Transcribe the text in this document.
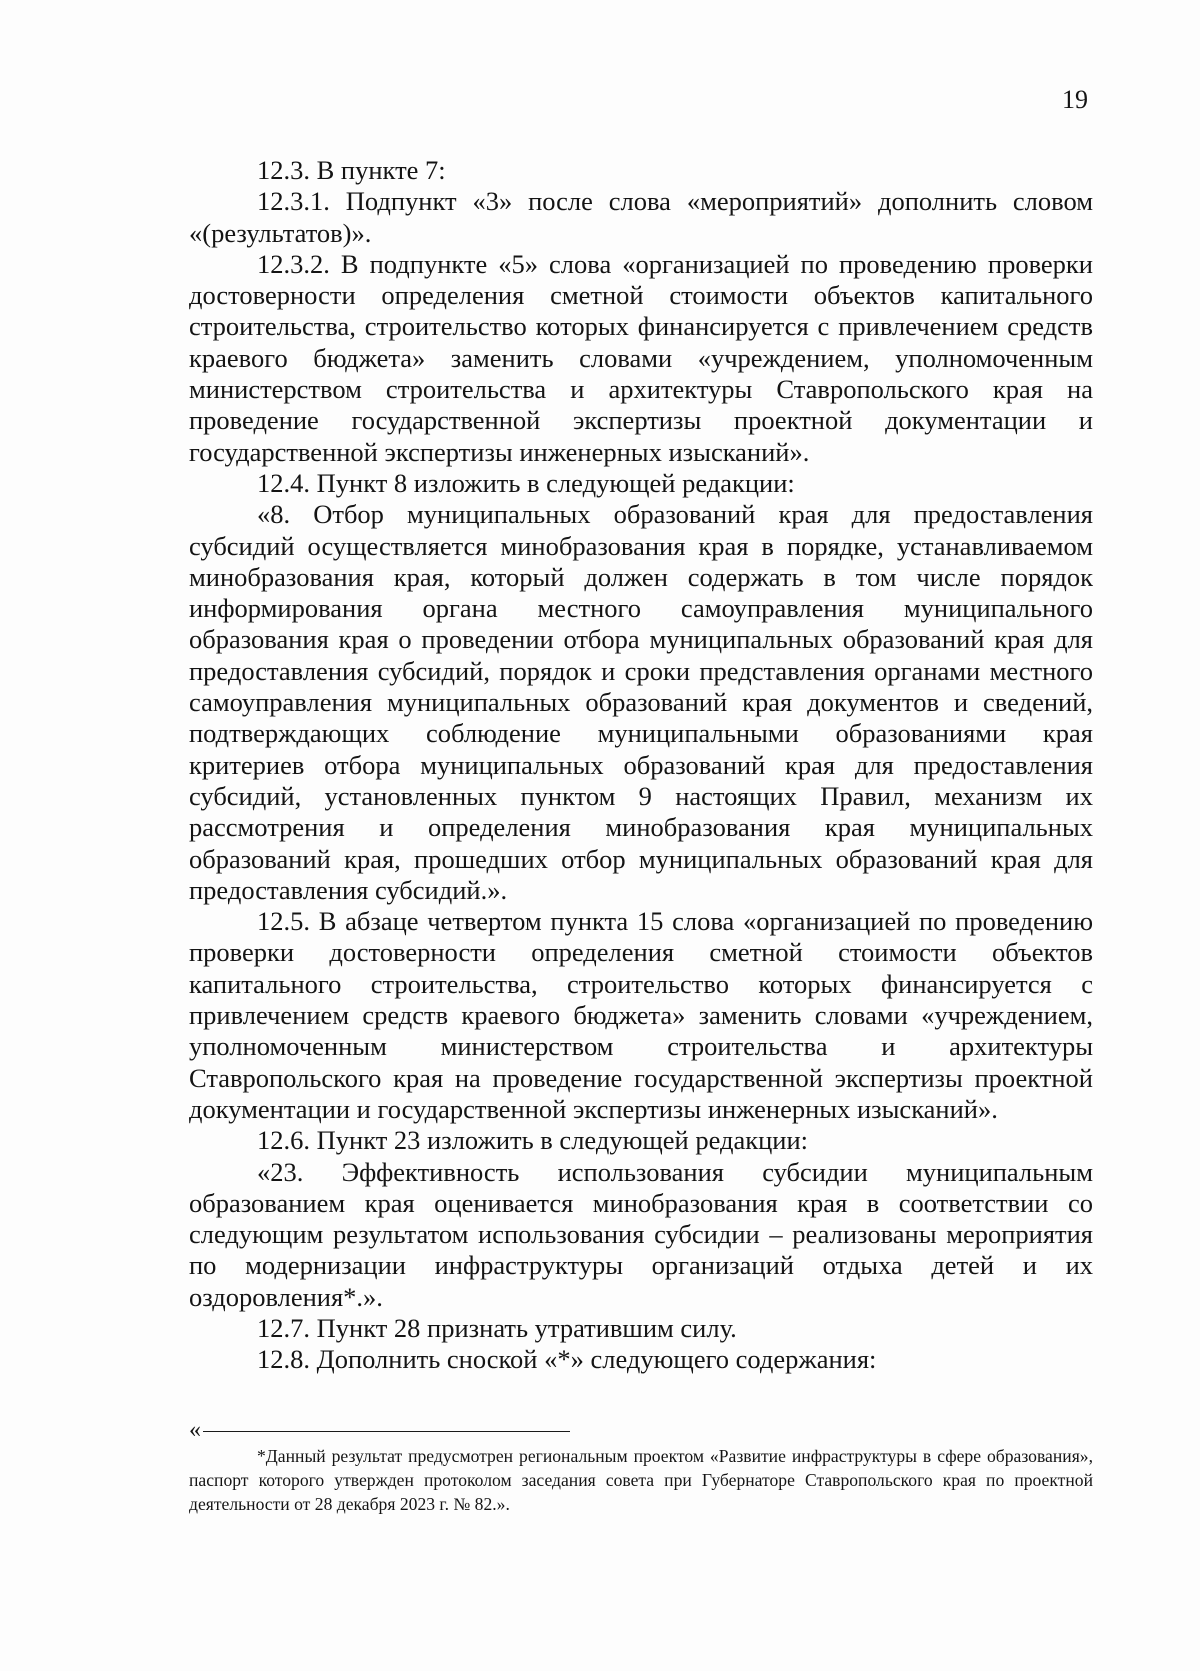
19

12.3. В пункте 7:

12.3.1. Подпункт «3» после слова «мероприятий» дополнить словом «(результатов)».

12.3.2. В подпункте «5» слова «организацией по проведению проверки достоверности определения сметной стоимости объектов капитального строительства, строительство которых финансируется с привлечением средств краевого бюджета» заменить словами «учреждением, уполномоченным министерством строительства и архитектуры Ставропольского края на проведение государственной экспертизы проектной документации и государственной экспертизы инженерных изысканий».

12.4. Пункт 8 изложить в следующей редакции:

«8. Отбор муниципальных образований края для предоставления субсидий осуществляется минобразования края в порядке, устанавливаемом минобразования края, который должен содержать в том числе порядок информирования органа местного самоуправления муниципального образования края о проведении отбора муниципальных образований края для предоставления субсидий, порядок и сроки представления органами местного самоуправления муниципальных образований края документов и сведений, подтверждающих соблюдение муниципальными образованиями края критериев отбора муниципальных образований края для предоставления субсидий, установленных пунктом 9 настоящих Правил, механизм их рассмотрения и определения минобразования края муниципальных образований края, прошедших отбор муниципальных образований края для предоставления субсидий.».

12.5. В абзаце четвертом пункта 15 слова «организацией по проведению проверки достоверности определения сметной стоимости объектов капитального строительства, строительство которых финансируется с привлечением средств краевого бюджета» заменить словами «учреждением, уполномоченным министерством строительства и архитектуры Ставропольского края на проведение государственной экспертизы проектной документации и государственной экспертизы инженерных изысканий».

12.6. Пункт 23 изложить в следующей редакции:

«23. Эффективность использования субсидии муниципальным образованием края оценивается минобразования края в соответствии со следующим результатом использования субсидии – реализованы мероприятия по модернизации инфраструктуры организаций отдыха детей и их оздоровления*.».

12.7. Пункт 28 признать утратившим силу.

12.8. Дополнить сноской «*» следующего содержания:

«

*Данный результат предусмотрен региональным проектом «Развитие инфраструктуры в сфере образования», паспорт которого утвержден протоколом заседания совета при Губернаторе Ставропольского края по проектной деятельности от 28 декабря 2023 г. № 82.».
